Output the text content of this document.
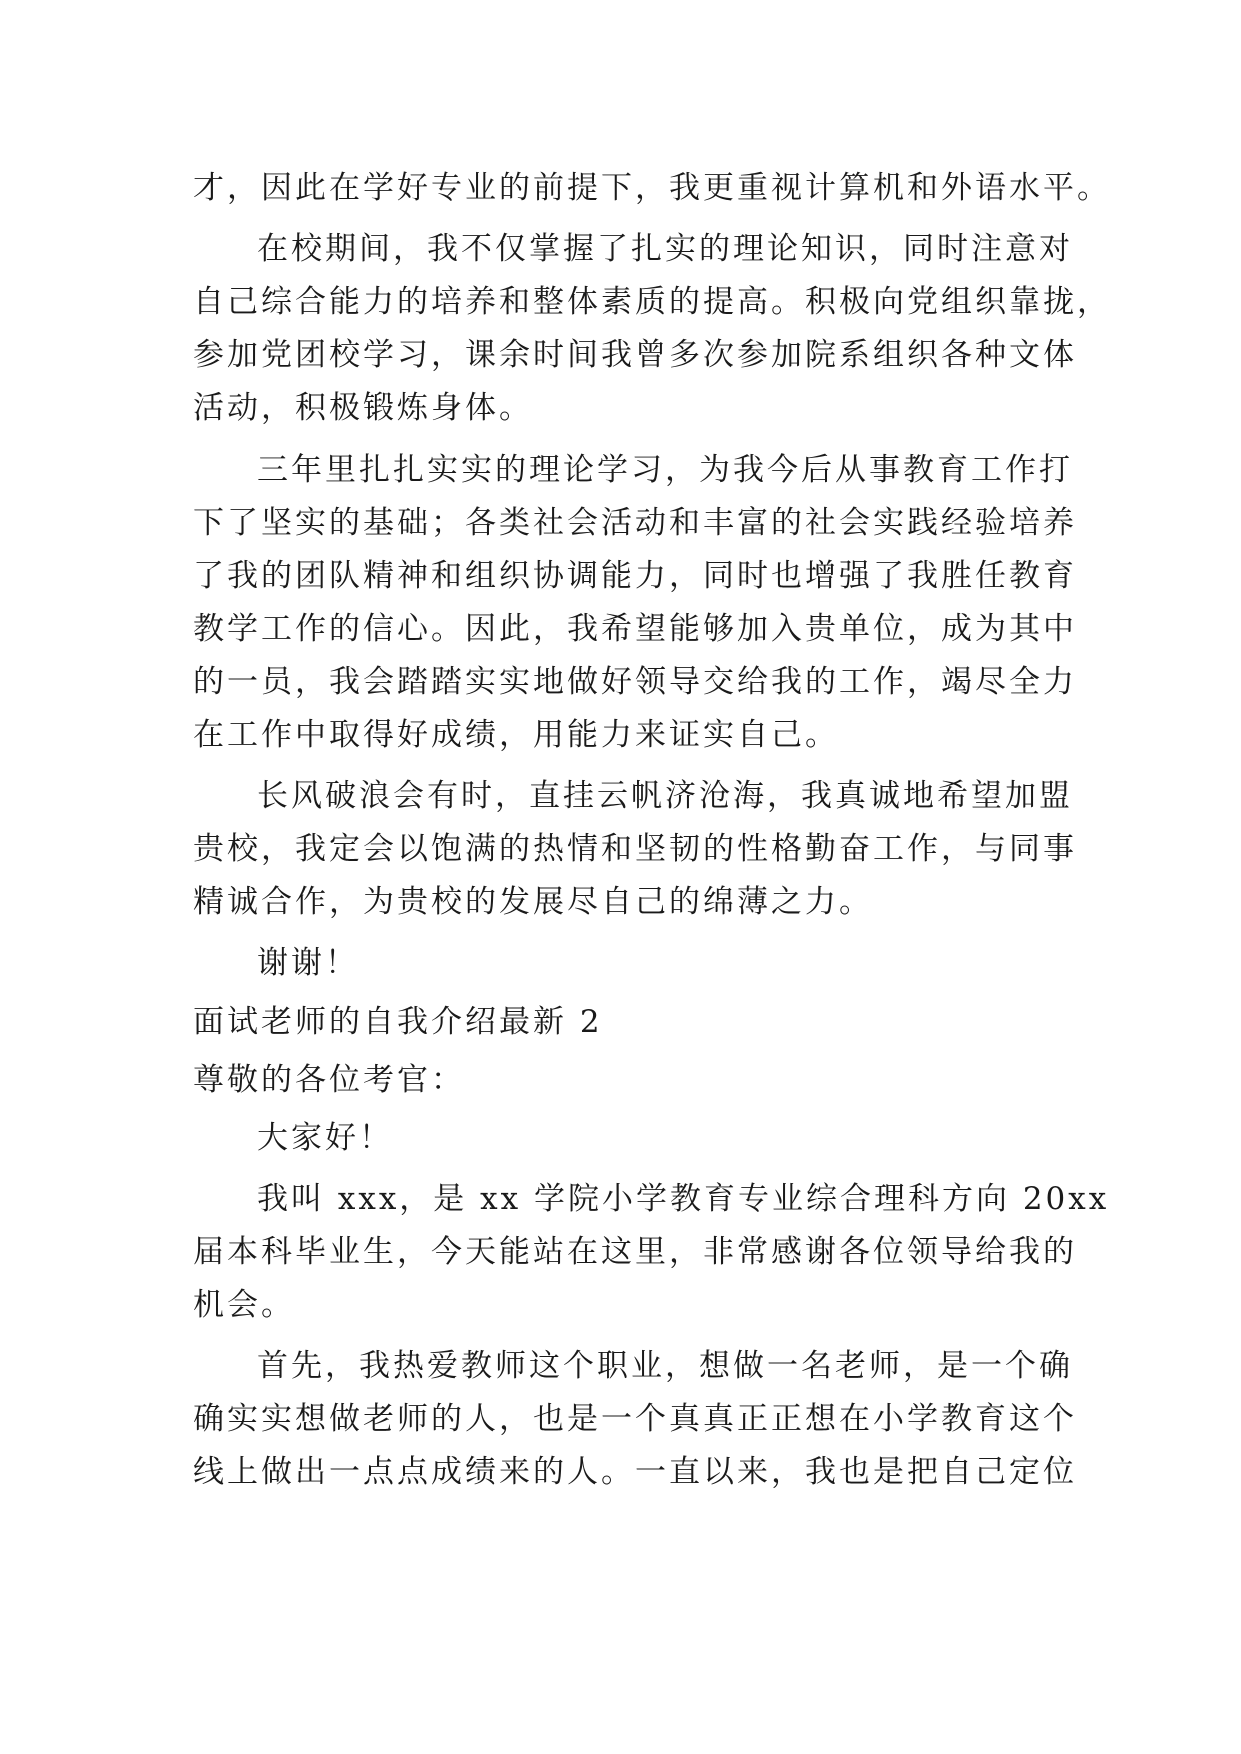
才，因此在学好专业的前提下，我更重视计算机和外语水平。
在校期间，我不仅掌握了扎实的理论知识，同时注意对
自己综合能力的培养和整体素质的提高。积极向党组织靠拢，
参加党团校学习，课余时间我曾多次参加院系组织各种文体
活动，积极锻炼身体。
三年里扎扎实实的理论学习，为我今后从事教育工作打
下了坚实的基础；各类社会活动和丰富的社会实践经验培养
了我的团队精神和组织协调能力，同时也增强了我胜任教育
教学工作的信心。因此，我希望能够加入贵单位，成为其中
的一员，我会踏踏实实地做好领导交给我的工作，竭尽全力
在工作中取得好成绩，用能力来证实自己。
长风破浪会有时，直挂云帆济沧海，我真诚地希望加盟
贵校，我定会以饱满的热情和坚韧的性格勤奋工作，与同事
精诚合作，为贵校的发展尽自己的绵薄之力。
谢谢！
面试老师的自我介绍最新 2
尊敬的各位考官：
大家好！
我叫 xxx，是 xx 学院小学教育专业综合理科方向 20xx
届本科毕业生，今天能站在这里，非常感谢各位领导给我的
机会。
首先，我热爱教师这个职业，想做一名老师，是一个确
确实实想做老师的人，也是一个真真正正想在小学教育这个
线上做出一点点成绩来的人。一直以来，我也是把自己定位
